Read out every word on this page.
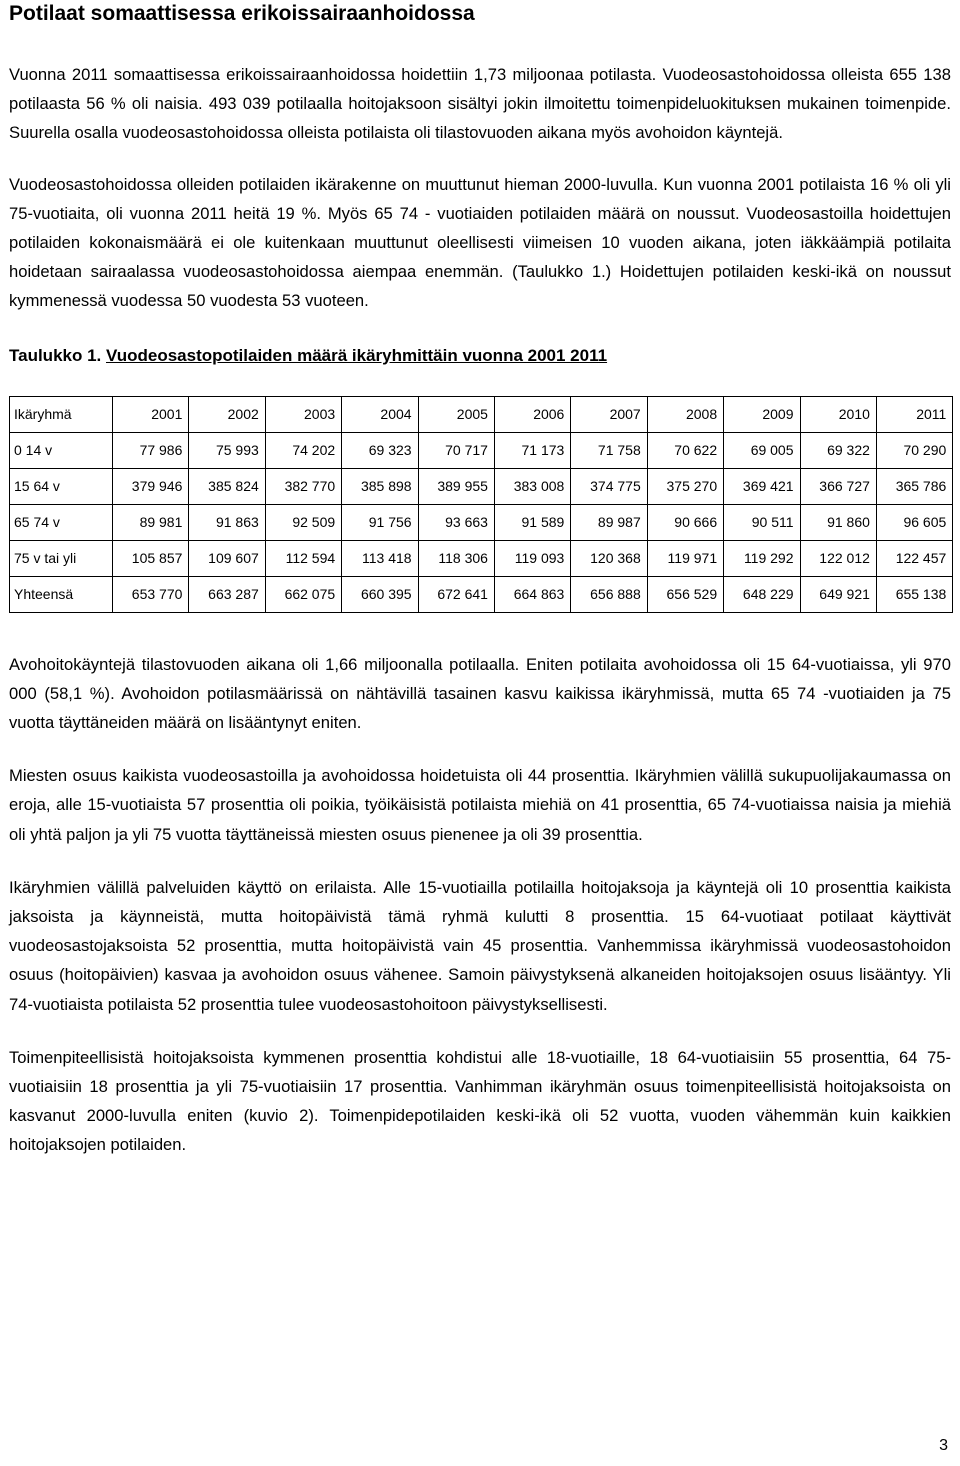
Potilaat somaattisessa erikoissairaanhoidossa

Vuonna 2011 somaattisessa erikoissairaanhoidossa hoidettiin 1,73 miljoonaa potilasta. Vuodeosastohoidossa olleista 655 138 potilaasta 56 % oli naisia. 493 039 potilaalla hoitojaksoon sisältyi jokin ilmoitettu toimenpideluokituksen mukainen toimenpide. Suurella osalla vuodeosastohoidossa olleista potilaista oli tilastovuoden aikana myös avohoidon käyntejä.

Vuodeosastohoidossa olleiden potilaiden ikärakenne on muuttunut hieman 2000-luvulla. Kun vuonna 2001 potilaista 16 % oli yli 75-vuotiaita, oli vuonna 2011 heitä 19 %. Myös 65 74 - vuotiaiden potilaiden määrä on noussut. Vuodeosastoilla hoidettujen potilaiden kokonaismäärä ei ole kuitenkaan muuttunut oleellisesti viimeisen 10 vuoden aikana, joten iäkkäämpiä potilaita hoidetaan sairaalassa vuodeosastohoidossa aiempaa enemmän. (Taulukko 1.) Hoidettujen potilaiden keski-ikä on noussut kymmenessä vuodessa 50 vuodesta 53 vuoteen.

Taulukko 1. Vuodeosastopotilaiden määrä ikäryhmittäin vuonna 2001 2011
Ikäryhmä	2001	2002	2003	2004	2005	2006	2007	2008	2009	2010	2011
0 14 v	77 986	75 993	74 202	69 323	70 717	71 173	71 758	70 622	69 005	69 322	70 290
15 64 v	379 946	385 824	382 770	385 898	389 955	383 008	374 775	375 270	369 421	366 727	365 786
65 74 v	89 981	91 863	92 509	91 756	93 663	91 589	89 987	90 666	90 511	91 860	96 605
75 v tai yli	105 857	109 607	112 594	113 418	118 306	119 093	120 368	119 971	119 292	122 012	122 457
Yhteensä	653 770	663 287	662 075	660 395	672 641	664 863	656 888	656 529	648 229	649 921	655 138

Avohoitokäyntejä tilastovuoden aikana oli 1,66 miljoonalla potilaalla. Eniten potilaita avohoidossa oli 15 64-vuotiaissa, yli 970 000 (58,1 %). Avohoidon potilasmäärissä on nähtävillä tasainen kasvu kaikissa ikäryhmissä, mutta 65 74 -vuotiaiden ja 75 vuotta täyttäneiden määrä on lisääntynyt eniten.

Miesten osuus kaikista vuodeosastoilla ja avohoidossa hoidetuista oli 44 prosenttia. Ikäryhmien välillä sukupuolijakaumassa on eroja, alle 15-vuotiaista 57 prosenttia oli poikia, työikäisistä potilaista miehiä on 41 prosenttia, 65 74-vuotiaissa naisia ja miehiä oli yhtä paljon ja yli 75 vuotta täyttäneissä miesten osuus pienenee ja oli 39 prosenttia.

Ikäryhmien välillä palveluiden käyttö on erilaista. Alle 15-vuotiailla potilailla hoitojaksoja ja käyntejä oli 10 prosenttia kaikista jaksoista ja käynneistä, mutta hoitopäivistä tämä ryhmä kulutti 8 prosenttia. 15 64-vuotiaat potilaat käyttivät vuodeosastojaksoista 52 prosenttia, mutta hoitopäivistä vain 45 prosenttia. Vanhemmissa ikäryhmissä vuodeosastohoidon osuus (hoitopäivien) kasvaa ja avohoidon osuus vähenee. Samoin päivystyksenä alkaneiden hoitojaksojen osuus lisääntyy. Yli 74-vuotiaista potilaista 52 prosenttia tulee vuodeosastohoitoon päivystyksellisesti.

Toimenpiteellisistä hoitojaksoista kymmenen prosenttia kohdistui alle 18-vuotiaille, 18 64-vuotiaisiin 55 prosenttia, 64 75-vuotiaisiin 18 prosenttia ja yli 75-vuotiaisiin 17 prosenttia. Vanhimman ikäryhmän osuus toimenpiteellisistä hoitojaksoista on kasvanut 2000-luvulla eniten (kuvio 2). Toimenpidepotilaiden keski-ikä oli 52 vuotta, vuoden vähemmän kuin kaikkien hoitojaksojen potilaiden.

3
